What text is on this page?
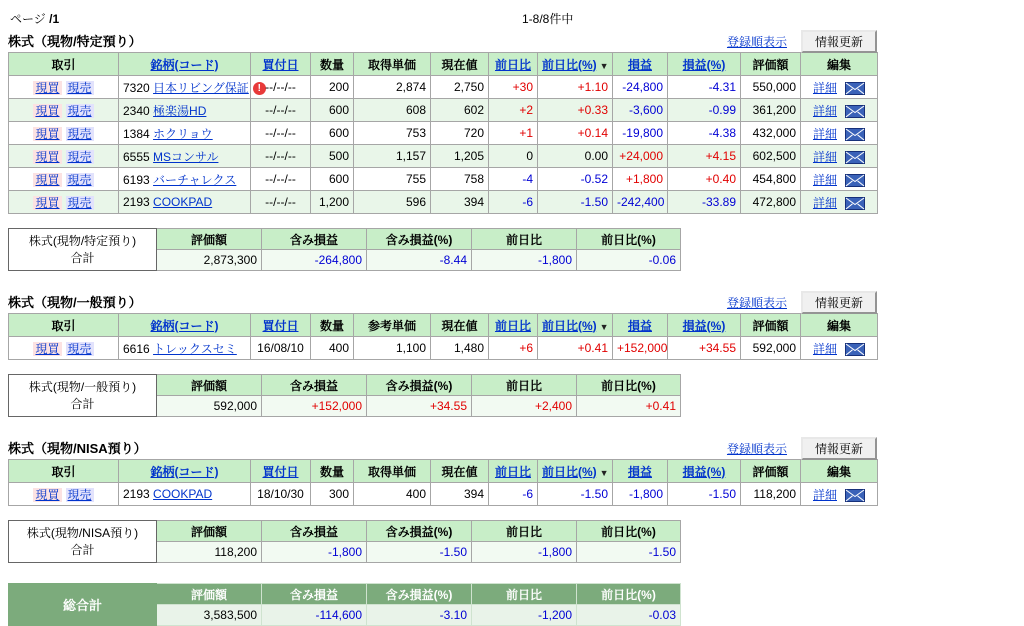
ページ /1	1-8/8件中
株式（現物/特定預り）	登録順表示	情報更新
取引	銘柄(コード)	買付日	数量	取得単価	現在値	前日比	前日比(%) ▼	損益	損益(%)	評価額	編集
現買 現売	7320 日本リビング保証 !	--/--/--	200	2,874	2,750	+30	+1.10	-24,800	-4.31	550,000	詳細
現買 現売	2340 極楽湯HD	--/--/--	600	608	602	+2	+0.33	-3,600	-0.99	361,200	詳細
現買 現売	1384 ホクリョウ	--/--/--	600	753	720	+1	+0.14	-19,800	-4.38	432,000	詳細
現買 現売	6555 MSコンサル	--/--/--	500	1,157	1,205	0	0.00	+24,000	+4.15	602,500	詳細
現買 現売	6193 バーチャレクス	--/--/--	600	755	758	-4	-0.52	+1,800	+0.40	454,800	詳細
現買 現売	2193 COOKPAD	--/--/--	1,200	596	394	-6	-1.50	-242,400	-33.89	472,800	詳細
株式(現物/特定預り)
合計	評価額	含み損益	含み損益(%)	前日比	前日比(%)
	2,873,300	-264,800	-8.44	-1,800	-0.06
株式（現物/一般預り）	登録順表示	情報更新
取引	銘柄(コード)	買付日	数量	参考単価	現在値	前日比	前日比(%) ▼	損益	損益(%)	評価額	編集
現買 現売	6616 トレックスセミ	16/08/10	400	1,100	1,480	+6	+0.41	+152,000	+34.55	592,000	詳細
株式(現物/一般預り)
合計	評価額	含み損益	含み損益(%)	前日比	前日比(%)
	592,000	+152,000	+34.55	+2,400	+0.41
株式（現物/NISA預り）	登録順表示	情報更新
取引	銘柄(コード)	買付日	数量	取得単価	現在値	前日比	前日比(%) ▼	損益	損益(%)	評価額	編集
現買 現売	2193 COOKPAD	18/10/30	300	400	394	-6	-1.50	-1,800	-1.50	118,200	詳細
株式(現物/NISA預り)
合計	評価額	含み損益	含み損益(%)	前日比	前日比(%)
	118,200	-1,800	-1.50	-1,800	-1.50
総合計	評価額	含み損益	含み損益(%)	前日比	前日比(%)
	3,583,500	-114,600	-3.10	-1,200	-0.03
